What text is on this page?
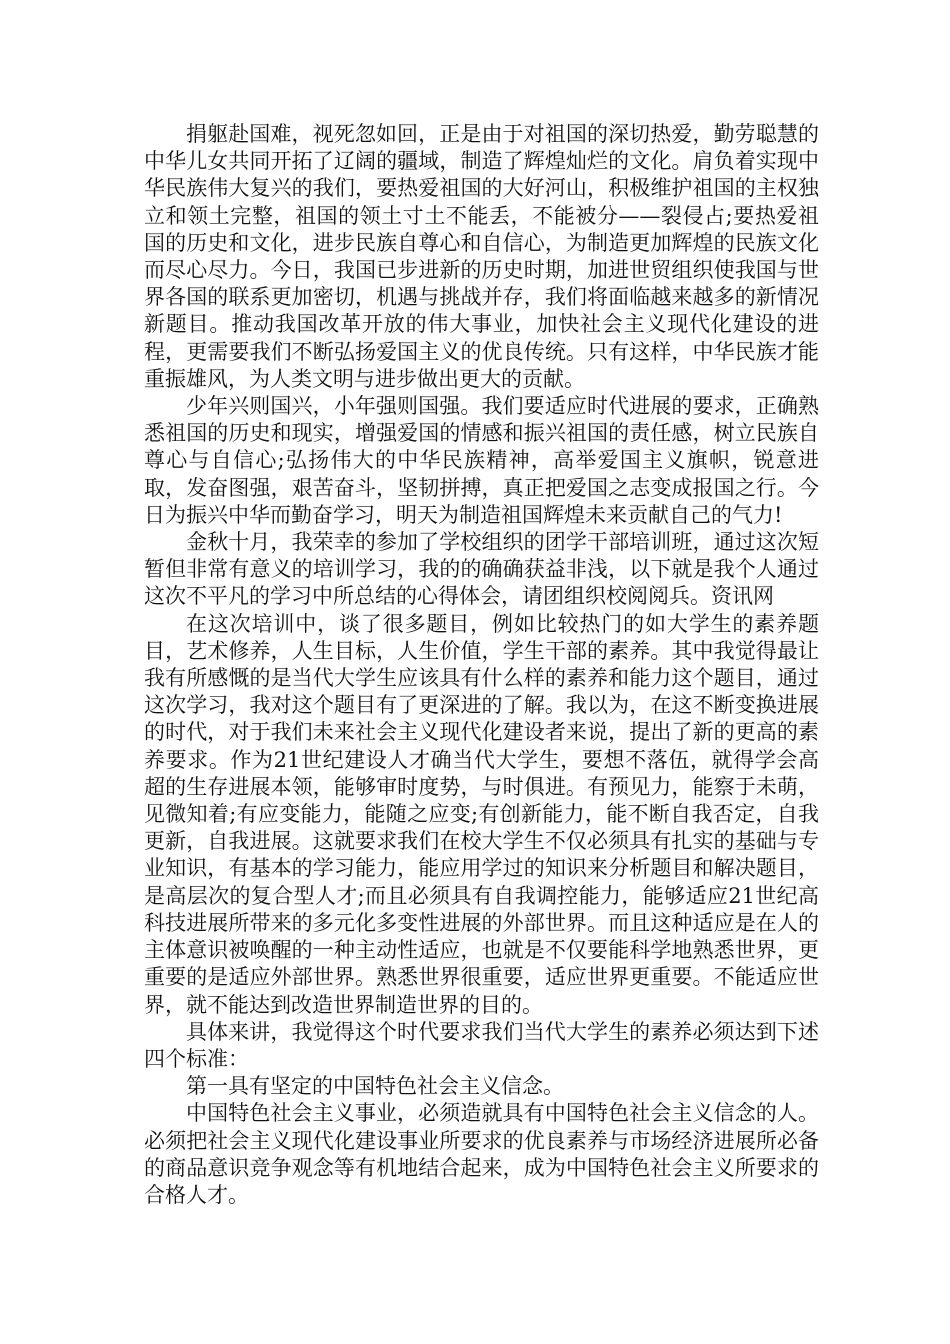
捐躯赴国难，视死忽如回，正是由于对祖国的深切热爱，勤劳聪慧的中华儿女共同开拓了辽阔的疆域，制造了辉煌灿烂的文化。肩负着实现中华民族伟大复兴的我们，要热爱祖国的大好河山，积极维护祖国的主权独立和领土完整，祖国的领土寸土不能丢，不能被分——裂侵占;要热爱祖国的历史和文化，进步民族自尊心和自信心，为制造更加辉煌的民族文化而尽心尽力。今日，我国已步进新的历史时期，加进世贸组织使我国与世界各国的联系更加密切，机遇与挑战并存，我们将面临越来越多的新情况新题目。推动我国改革开放的伟大事业，加快社会主义现代化建设的进程，更需要我们不断弘扬爱国主义的优良传统。只有这样，中华民族才能重振雄风，为人类文明与进步做出更大的贡献。

少年兴则国兴，小年强则国强。我们要适应时代进展的要求，正确熟悉祖国的历史和现实，增强爱国的情感和振兴祖国的责任感，树立民族自尊心与自信心;弘扬伟大的中华民族精神，高举爱国主义旗帜，锐意进取，发奋图强，艰苦奋斗，坚韧拼搏，真正把爱国之志变成报国之行。今日为振兴中华而勤奋学习，明天为制造祖国辉煌未来贡献自己的气力!

金秋十月，我荣幸的参加了学校组织的团学干部培训班，通过这次短暂但非常有意义的培训学习，我的的确确获益非浅，以下就是我个人通过这次不平凡的学习中所总结的心得体会，请团组织校阅阅兵。资讯网

在这次培训中，谈了很多题目，例如比较热门的如大学生的素养题目，艺术修养，人生目标，人生价值，学生干部的素养。其中我觉得最让我有所感慨的是当代大学生应该具有什么样的素养和能力这个题目，通过这次学习，我对这个题目有了更深进的了解。我以为，在这不断变换进展的时代，对于我们未来社会主义现代化建设者来说，提出了新的更高的素养要求。作为21世纪建设人才确当代大学生，要想不落伍，就得学会高超的生存进展本领，能够审时度势，与时俱进。有预见力，能察于未萌，见微知着;有应变能力，能随之应变;有创新能力，能不断自我否定，自我更新，自我进展。这就要求我们在校大学生不仅必须具有扎实的基础与专业知识，有基本的学习能力，能应用学过的知识来分析题目和解决题目，是高层次的复合型人才;而且必须具有自我调控能力，能够适应21世纪高科技进展所带来的多元化多变性进展的外部世界。而且这种适应是在人的主体意识被唤醒的一种主动性适应，也就是不仅要能科学地熟悉世界，更重要的是适应外部世界。熟悉世界很重要，适应世界更重要。不能适应世界，就不能达到改造世界制造世界的目的。

具体来讲，我觉得这个时代要求我们当代大学生的素养必须达到下述四个标准：

第一具有坚定的中国特色社会主义信念。

中国特色社会主义事业，必须造就具有中国特色社会主义信念的人。必须把社会主义现代化建设事业所要求的优良素养与市场经济进展所必备的商品意识竞争观念等有机地结合起来，成为中国特色社会主义所要求的合格人才。
